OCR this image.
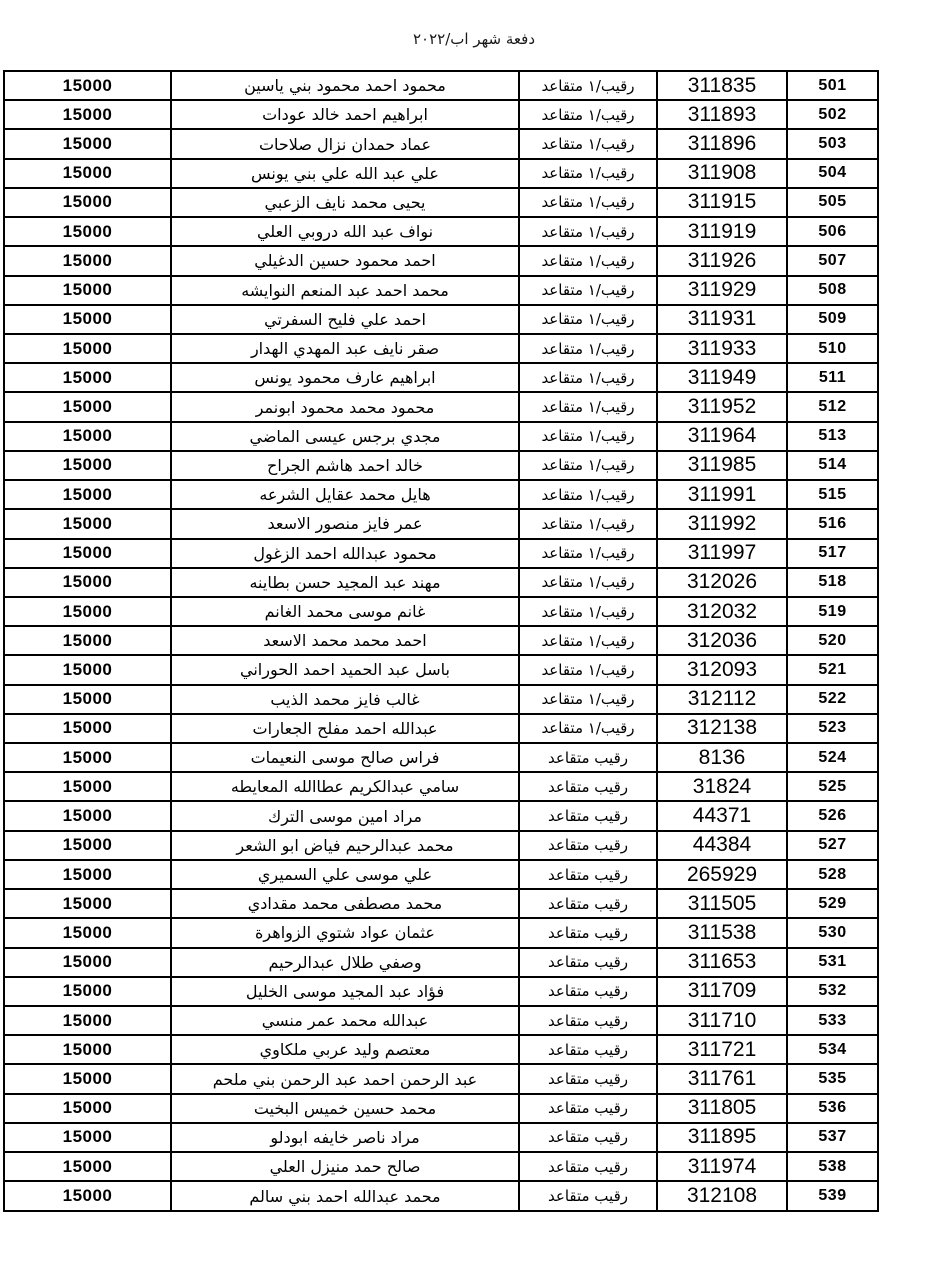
دفعة شهر اب/٢٠٢٢
501	311835	رقيب/١ متقاعد	محمود احمد محمود بني ياسين	15000
502	311893	رقيب/١ متقاعد	ابراهيم احمد خالد عودات	15000
503	311896	رقيب/١ متقاعد	عماد حمدان نزال صلاحات	15000
504	311908	رقيب/١ متقاعد	علي عبد الله علي بني يونس	15000
505	311915	رقيب/١ متقاعد	يحيى محمد نايف الزعبي	15000
506	311919	رقيب/١ متقاعد	نواف عبد الله دروبي العلي	15000
507	311926	رقيب/١ متقاعد	احمد محمود حسين الدغيلي	15000
508	311929	رقيب/١ متقاعد	محمد احمد عبد المنعم النوايشه	15000
509	311931	رقيب/١ متقاعد	احمد علي فليح السفرتي	15000
510	311933	رقيب/١ متقاعد	صقر نايف عبد المهدي الهدار	15000
511	311949	رقيب/١ متقاعد	ابراهيم عارف محمود يونس	15000
512	311952	رقيب/١ متقاعد	محمود محمد محمود ابونمر	15000
513	311964	رقيب/١ متقاعد	مجدي برجس عيسى الماضي	15000
514	311985	رقيب/١ متقاعد	خالد احمد هاشم الجراح	15000
515	311991	رقيب/١ متقاعد	هايل محمد عقايل الشرعه	15000
516	311992	رقيب/١ متقاعد	عمر فايز منصور الاسعد	15000
517	311997	رقيب/١ متقاعد	محمود عبدالله احمد الزغول	15000
518	312026	رقيب/١ متقاعد	مهند عبد المجيد حسن بطاينه	15000
519	312032	رقيب/١ متقاعد	غانم موسى محمد الغانم	15000
520	312036	رقيب/١ متقاعد	احمد محمد محمد الاسعد	15000
521	312093	رقيب/١ متقاعد	باسل عبد الحميد احمد الحوراني	15000
522	312112	رقيب/١ متقاعد	غالب فايز محمد الذيب	15000
523	312138	رقيب/١ متقاعد	عبدالله احمد مفلح الجعارات	15000
524	8136	رقيب متقاعد	فراس صالح موسى النعيمات	15000
525	31824	رقيب متقاعد	سامي عبدالكريم عطاالله المعايطه	15000
526	44371	رقيب متقاعد	مراد امين موسى الترك	15000
527	44384	رقيب متقاعد	محمد عبدالرحيم فياض ابو الشعر	15000
528	265929	رقيب متقاعد	علي موسى علي السميري	15000
529	311505	رقيب متقاعد	محمد مصطفى محمد مقدادي	15000
530	311538	رقيب متقاعد	عثمان عواد شتوي الزواهرة	15000
531	311653	رقيب متقاعد	وصفي طلال عبدالرحيم	15000
532	311709	رقيب متقاعد	فؤاد عبد المجيد موسى الخليل	15000
533	311710	رقيب متقاعد	عبدالله محمد عمر منسي	15000
534	311721	رقيب متقاعد	معتصم وليد عربي ملكاوي	15000
535	311761	رقيب متقاعد	عبد الرحمن احمد عبد الرحمن بني ملحم	15000
536	311805	رقيب متقاعد	محمد حسين خميس البخيت	15000
537	311895	رقيب متقاعد	مراد ناصر خايفه ابودلو	15000
538	311974	رقيب متقاعد	صالح حمد منيزل العلي	15000
539	312108	رقيب متقاعد	محمد عبدالله احمد بني سالم	15000
